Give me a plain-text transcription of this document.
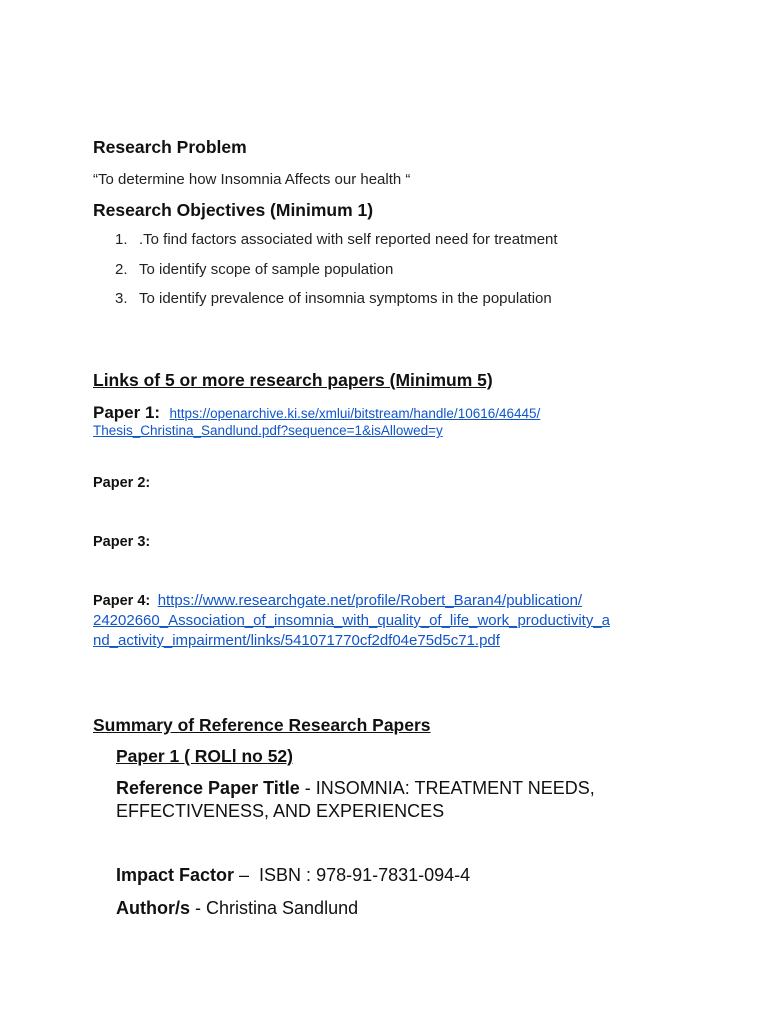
Research Problem
“To determine how Insomnia Affects our health “
Research Objectives (Minimum 1)
1. .To find factors associated with self reported need for treatment
2. To identify scope of sample population
3. To identify prevalence of insomnia symptoms in the population
Links of 5 or more research papers (Minimum 5)
Paper 1: https://openarchive.ki.se/xmlui/bitstream/handle/10616/46445/
Thesis_Christina_Sandlund.pdf?sequence=1&isAllowed=y
Paper 2:
Paper 3:
Paper 4: https://www.researchgate.net/profile/Robert_Baran4/publication/
24202660_Association_of_insomnia_with_quality_of_life_work_productivity_a
nd_activity_impairment/links/541071770cf2df04e75d5c71.pdf
Summary of Reference Research Papers
Paper 1 ( ROLl no 52)
Reference Paper Title - INSOMNIA: TREATMENT NEEDS,
EFFECTIVENESS, AND EXPERIENCES
Impact Factor –  ISBN : 978-91-7831-094-4
Author/s - Christina Sandlund
